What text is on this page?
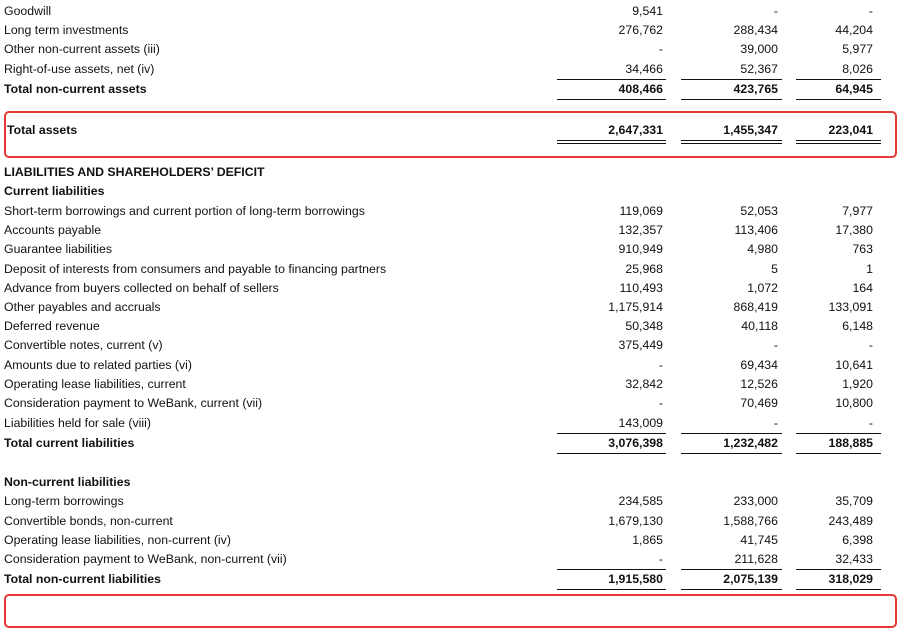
Goodwill	9,541	-	-
Long term investments	276,762	288,434	44,204
Other non-current assets (iii)	-	39,000	5,977
Right-of-use assets, net (iv)	34,466	52,367	8,026
Total non-current assets	408,466	423,765	64,945
Total assets	2,647,331	1,455,347	223,041
LIABILITIES AND SHAREHOLDERS’ DEFICIT
Current liabilities
Short-term borrowings and current portion of long-term borrowings	119,069	52,053	7,977
Accounts payable	132,357	113,406	17,380
Guarantee liabilities	910,949	4,980	763
Deposit of interests from consumers and payable to financing partners	25,968	5	1
Advance from buyers collected on behalf of sellers	110,493	1,072	164
Other payables and accruals	1,175,914	868,419	133,091
Deferred revenue	50,348	40,118	6,148
Convertible notes, current (v)	375,449	-	-
Amounts due to related parties (vi)	-	69,434	10,641
Operating lease liabilities, current	32,842	12,526	1,920
Consideration payment to WeBank, current (vii)	-	70,469	10,800
Liabilities held for sale (viii)	143,009	-	-
Total current liabilities	3,076,398	1,232,482	188,885
Non-current liabilities
Long-term borrowings	234,585	233,000	35,709
Convertible bonds, non-current	1,679,130	1,588,766	243,489
Operating lease liabilities, non-current (iv)	1,865	41,745	6,398
Consideration payment to WeBank, non-current (vii)	-	211,628	32,433
Total non-current liabilities	1,915,580	2,075,139	318,029
